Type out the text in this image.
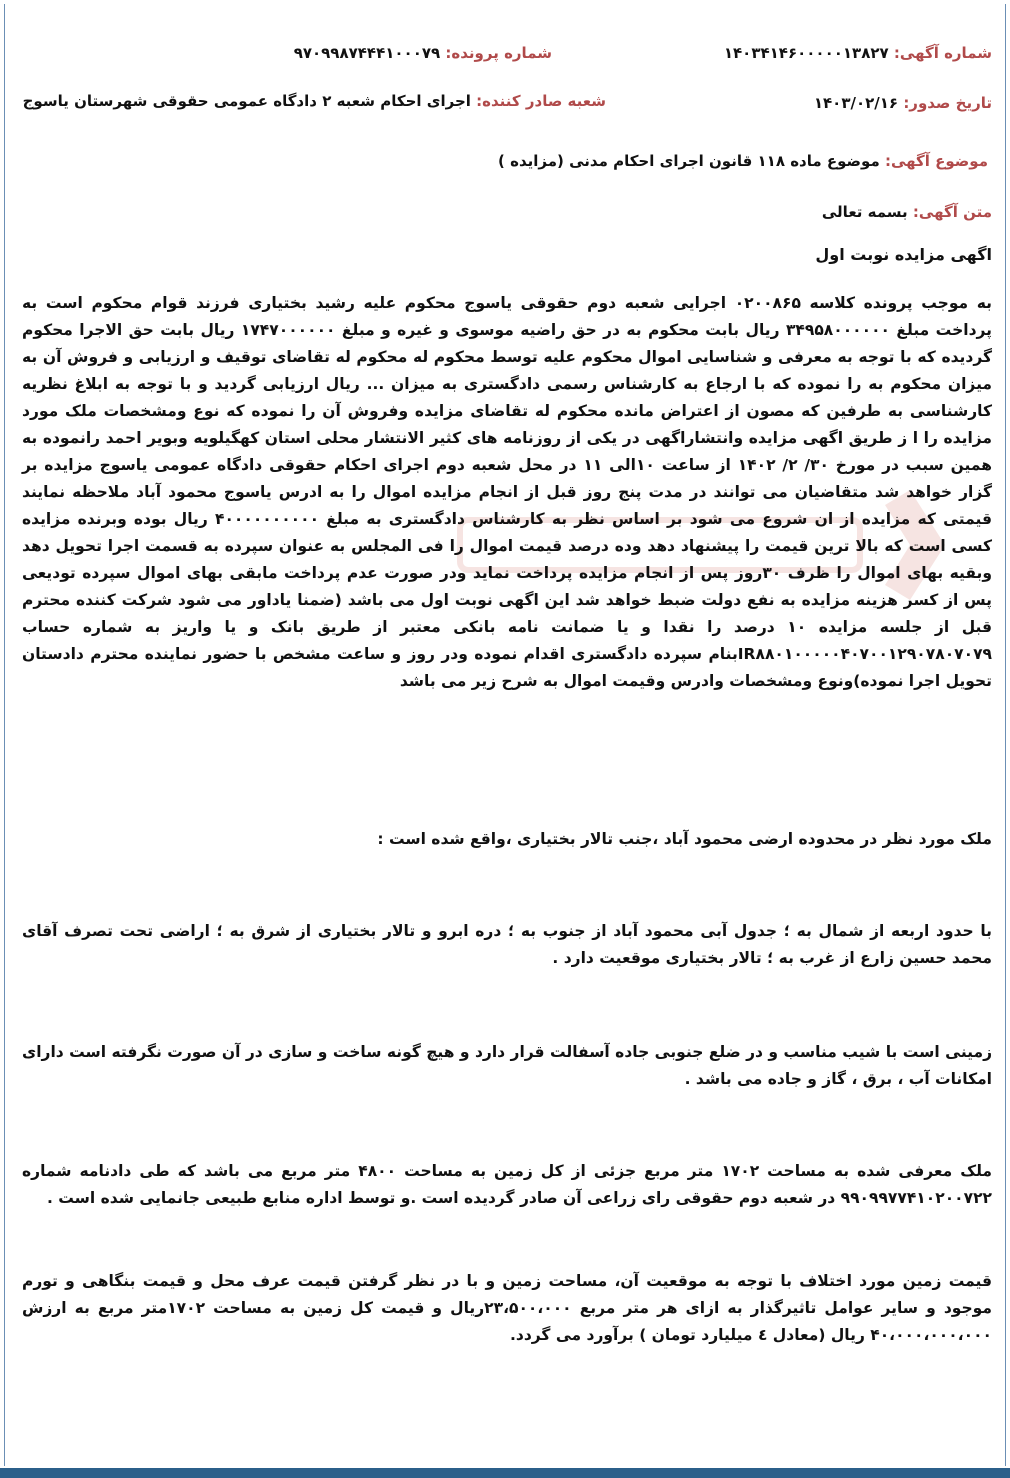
شماره آگهی: ۱۴۰۳۴۱۴۶۰۰۰۰۰۱۳۸۲۷
شماره پرونده: ۹۷۰۹۹۸۷۴۴۴۱۰۰۰۷۹
تاریخ صدور: ۱۴۰۳/۰۲/۱۶
شعبه صادر کننده: اجرای احکام شعبه ۲ دادگاه عمومی حقوقی شهرستان یاسوج
موضوع آگهی: موضوع ماده ۱۱۸ قانون اجرای احکام مدنی (مزایده )
متن آگهی: بسمه تعالی
اگهی مزایده نوبت اول
به موجب پرونده کلاسه ۰۲۰۰۸۶۵ اجرایی شعبه دوم حقوقی یاسوج محکوم علیه رشید بختیاری فرزند قوام محکوم است به پرداخت مبلغ ۳۴۹۵۸۰۰۰۰۰۰ ریال بابت محکوم به در حق راضیه موسوی و غیره و مبلغ ۱۷۴۷۰۰۰۰۰۰ ریال بابت حق الاجرا محکوم گردیده که با توجه به معرفی و شناسایی اموال محکوم علیه توسط محکوم له محکوم له تقاضای توقیف و ارزیابی و فروش آن به میزان محکوم به را نموده که با ارجاع به کارشناس رسمی دادگستری به میزان ... ریال ارزیابی گردید و با توجه به ابلاغ نظریه کارشناسی به طرفین که مصون از اعتراض مانده محکوم له تقاضای مزایده وفروش آن را نموده که نوع ومشخصات ملک مورد مزایده را ا ز طریق اگهی مزایده وانتشاراگهی در یکی از روزنامه های کثیر الانتشار محلی استان کهگیلویه وبویر احمد رانموده به همین سبب در مورخ ۳۰/ ۲/ ۱۴۰۲ از ساعت ۱۰الی ۱۱ در محل شعبه دوم اجرای احکام حقوقی دادگاه عمومی یاسوج مزایده بر گزار خواهد شد متقاضیان می توانند در مدت پنج روز قبل از انجام مزایده اموال را به ادرس یاسوج محمود آباد ملاحظه نمایند قیمتی که مزایده از ان شروع می شود بر اساس نظر به کارشناس دادگستری به مبلغ ۴۰۰۰۰۰۰۰۰۰۰ ریال بوده وبرنده مزایده کسی است که بالا ترین قیمت را پیشنهاد دهد وده درصد قیمت اموال را فی المجلس به عنوان سپرده به قسمت اجرا تحویل دهد وبقیه بهای اموال را ظرف ۳۰روز پس از انجام مزایده پرداخت نماید ودر صورت عدم پرداخت مابقی بهای اموال سپرده تودیعی پس از کسر هزینه مزایده به نفع دولت ضبط خواهد شد این اگهی نوبت اول می باشد (ضمنا یاداور می شود شرکت کننده محترم قبل از جلسه مزایده ۱۰ درصد را نقدا و یا ضمانت نامه بانکی معتبر از طریق بانک و یا واریز به شماره حساب IR۸۸۰۱۰۰۰۰۰۴۰۷۰۰۱۲۹۰۷۸۰۷۰۷۹بنام سپرده دادگستری اقدام نموده ودر روز و ساعت مشخص با حضور نماینده محترم دادستان تحویل اجرا نموده)ونوع ومشخصات وادرس وقیمت اموال به شرح زیر می باشد
ملک مورد نظر در محدوده ارضی محمود آباد ،جنب تالار بختیاری ،واقع شده است :
با حدود اربعه از شمال به ؛ جدول آبی محمود آباد از جنوب به ؛ دره ابرو و تالار بختیاری از شرق به ؛ اراضی تحت تصرف آقای محمد حسین زارع از غرب به ؛ تالار بختیاری موقعیت دارد .
زمینی است با شیب مناسب و در ضلع جنوبی جاده آسفالت قرار دارد و هیچ گونه ساخت و سازی در آن صورت نگرفته است دارای امکانات آب ، برق ، گاز و جاده می باشد .
ملک معرفی شده به مساحت ۱۷۰۲ متر مربع جزئی از کل زمین به مساحت ۴۸۰۰ متر مربع می باشد که طی دادنامه شماره ۹۹۰۹۹۷۷۴۱۰۲۰۰۷۲۲ در شعبه دوم حقوقی رای زراعی آن صادر گردیده است .و توسط اداره منابع طبیعی جانمایی شده است .
قیمت زمین مورد اختلاف با توجه به موقعیت آن، مساحت زمین و با در نظر گرفتن قیمت عرف محل و قیمت بنگاهی و تورم موجود و سایر عوامل تاثیرگذار به ازای هر متر مربع ۲۳،۵۰۰،۰۰۰ریال و قیمت کل زمین به مساحت ۱۷۰۲متر مربع به ارزش ۴۰،۰۰۰،۰۰۰،۰۰۰ ریال (معادل ٤ میلیارد تومان ) برآورد می گردد.
